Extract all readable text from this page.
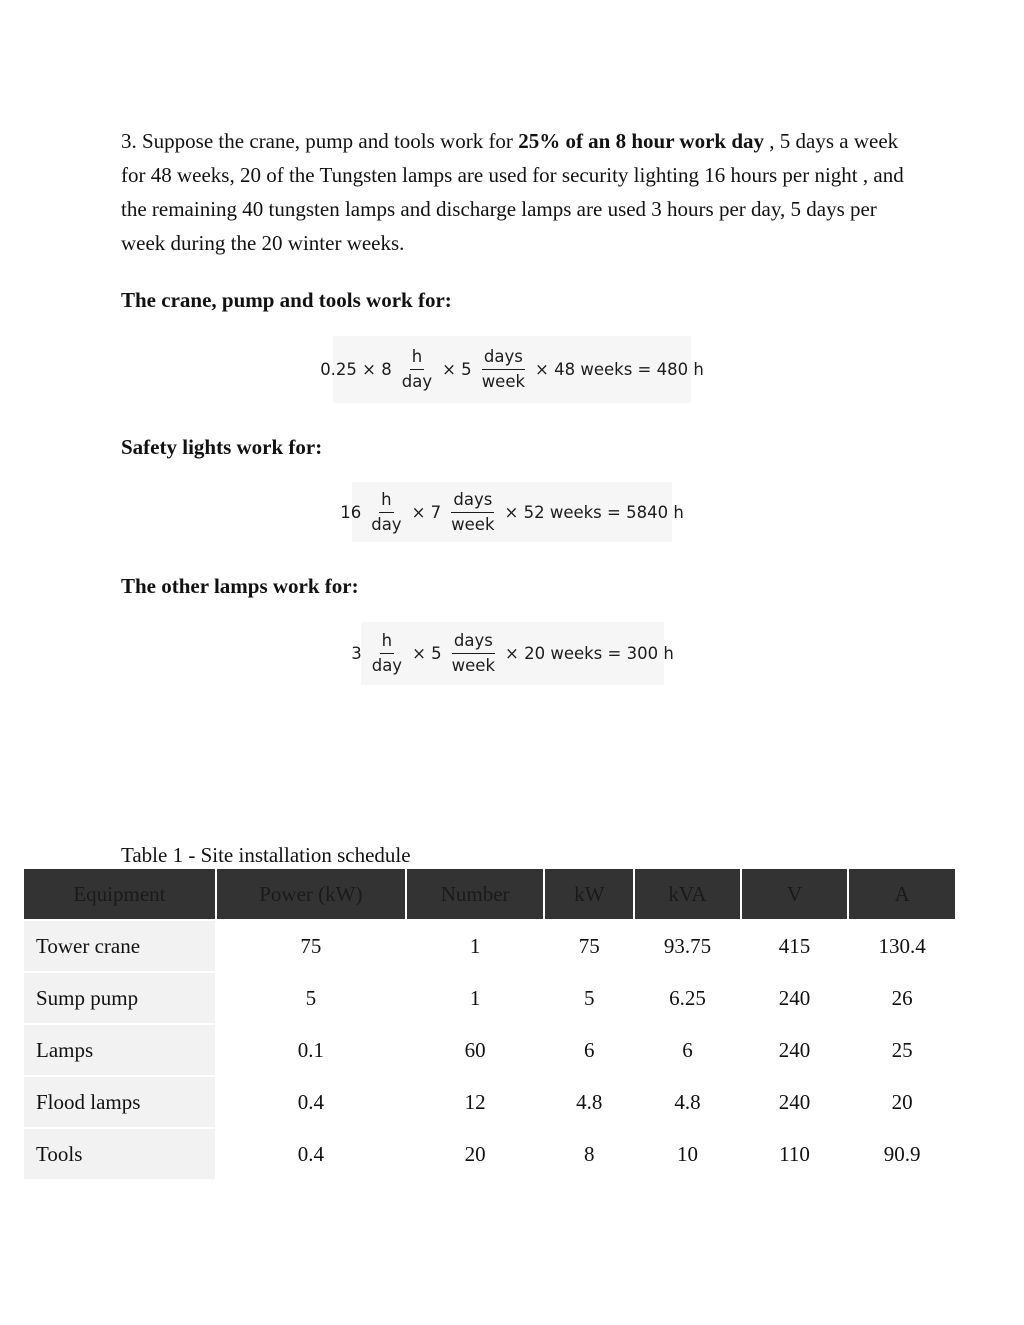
3. Suppose the crane, pump and tools work for 25% of an 8 hour work day , 5 days a week for 48 weeks, 20 of the Tungsten lamps are used for security lighting 16 hours per night , and the remaining 40 tungsten lamps and discharge lamps are used 3 hours per day, 5 days per week during the 20 winter weeks.

The crane, pump and tools work for:

$0.25 \times 8 \frac{h}{\text{day}} \times 5 \frac{\text{days}}{\text{week}} \times 48$ weeks = 480 h

Safety lights work for:

$16 \frac{h}{\text{day}} \times 7 \frac{\text{days}}{\text{week}} \times 52$ weeks = 5840 h

The other lamps work for:

$3 \frac{h}{\text{day}} \times 5 \frac{\text{days}}{\text{week}} \times 20$ weeks = 300 h

Table 1 - Site installation schedule

Equipment	Power (kW)	Number	kW	kVA	V	A
Tower crane	75	1	75	93.75	415	130.4
Sump pump	5	1	5	6.25	240	26
Lamps	0.1	60	6	6	240	25
Flood lamps	0.4	12	4.8	4.8	240	20
Tools	0.4	20	8	10	110	90.9
